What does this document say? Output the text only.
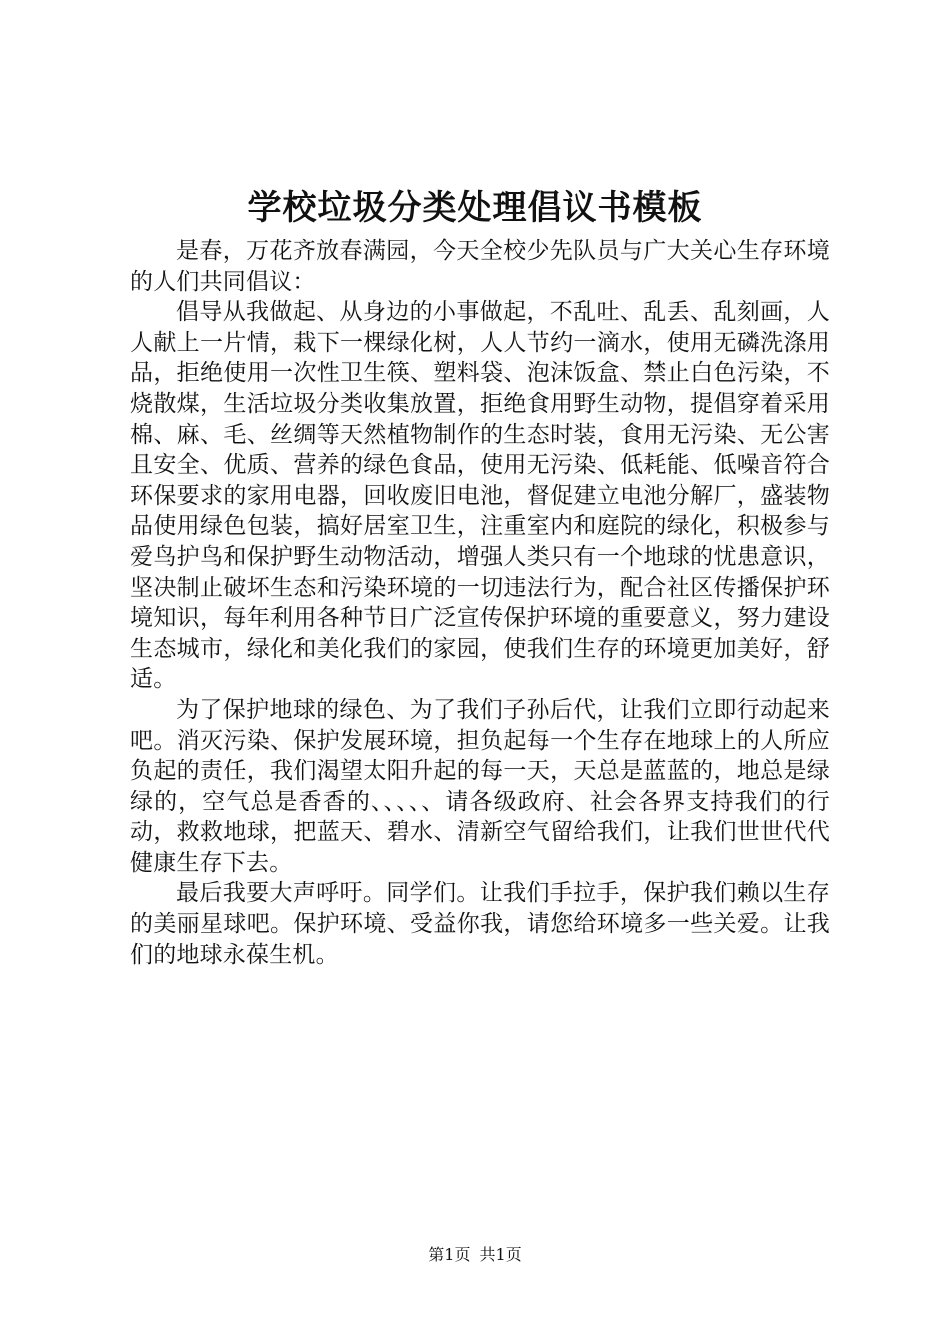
学校垃圾分类处理倡议书模板

是春，万花齐放春满园，今天全校少先队员与广大关心生存环境的人们共同倡议：

倡导从我做起、从身边的小事做起，不乱吐、乱丢、乱刻画，人人献上一片情，栽下一棵绿化树，人人节约一滴水，使用无磷洗涤用品，拒绝使用一次性卫生筷、塑料袋、泡沫饭盒、禁止白色污染，不烧散煤，生活垃圾分类收集放置，拒绝食用野生动物，提倡穿着采用棉、麻、毛、丝绸等天然植物制作的生态时装，食用无污染、无公害且安全、优质、营养的绿色食品，使用无污染、低耗能、低噪音符合环保要求的家用电器，回收废旧电池，督促建立电池分解厂，盛装物品使用绿色包装，搞好居室卫生，注重室内和庭院的绿化，积极参与爱鸟护鸟和保护野生动物活动，增强人类只有一个地球的忧患意识，坚决制止破坏生态和污染环境的一切违法行为，配合社区传播保护环境知识，每年利用各种节日广泛宣传保护环境的重要意义，努力建设生态城市，绿化和美化我们的家园，使我们生存的环境更加美好，舒适。

为了保护地球的绿色、为了我们子孙后代，让我们立即行动起来吧。消灭污染、保护发展环境，担负起每一个生存在地球上的人所应负起的责任，我们渴望太阳升起的每一天，天总是蓝蓝的，地总是绿绿的，空气总是香香的、、、、、请各级政府、社会各界支持我们的行动，救救地球，把蓝天、碧水、清新空气留给我们，让我们世世代代健康生存下去。

最后我要大声呼吁。同学们。让我们手拉手，保护我们赖以生存的美丽星球吧。保护环境、受益你我，请您给环境多一些关爱。让我们的地球永葆生机。

第1页 共1页
